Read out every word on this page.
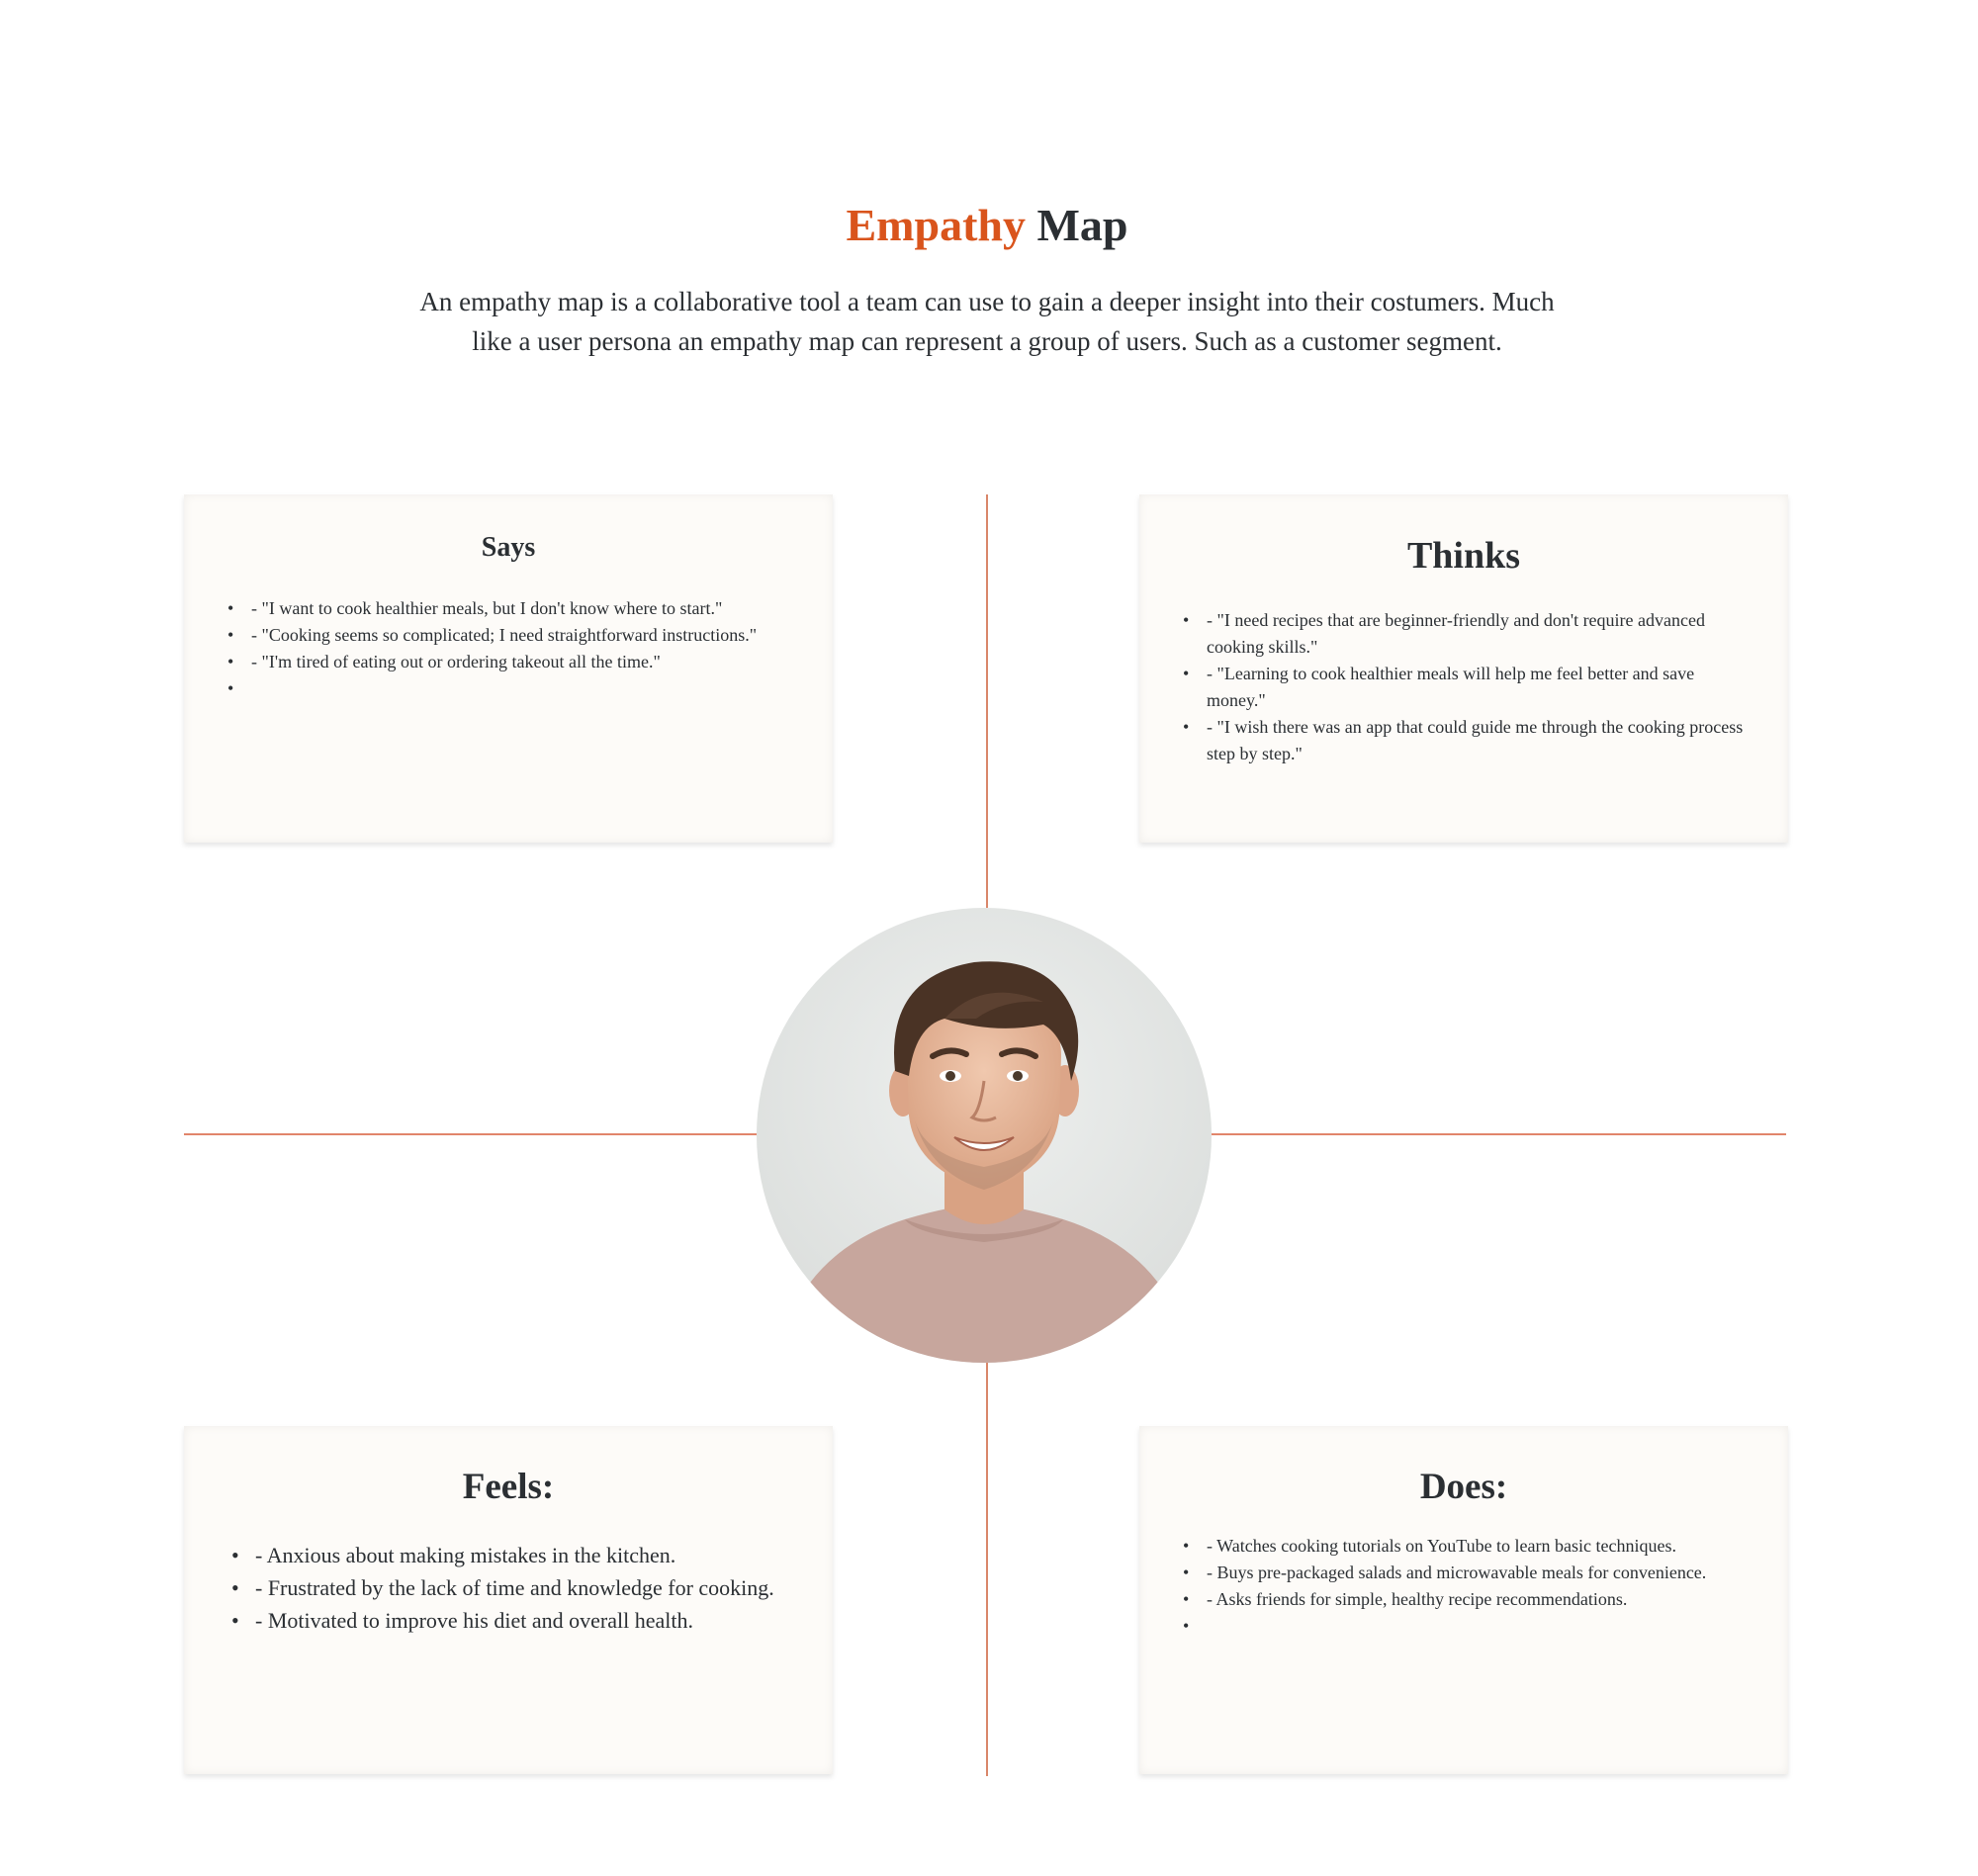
Empathy Map

An empathy map is a collaborative tool a team can use to gain a deeper insight into their costumers. Much like a user persona an empathy map can represent a group of users. Such as a customer segment.

Says
• - "I want to cook healthier meals, but I don't know where to start."
• - "Cooking seems so complicated; I need straightforward instructions."
• - "I'm tired of eating out or ordering takeout all the time."
•
Thinks
• - "I need recipes that are beginner-friendly and don't require advanced cooking skills."
• - "Learning to cook healthier meals will help me feel better and save money."
• - "I wish there was an app that could guide me through the cooking process step by step."
Feels:
• - Anxious about making mistakes in the kitchen.
• - Frustrated by the lack of time and knowledge for cooking.
• - Motivated to improve his diet and overall health.
Does:
• - Watches cooking tutorials on YouTube to learn basic techniques.
• - Buys pre-packaged salads and microwavable meals for convenience.
• - Asks friends for simple, healthy recipe recommendations.
•
